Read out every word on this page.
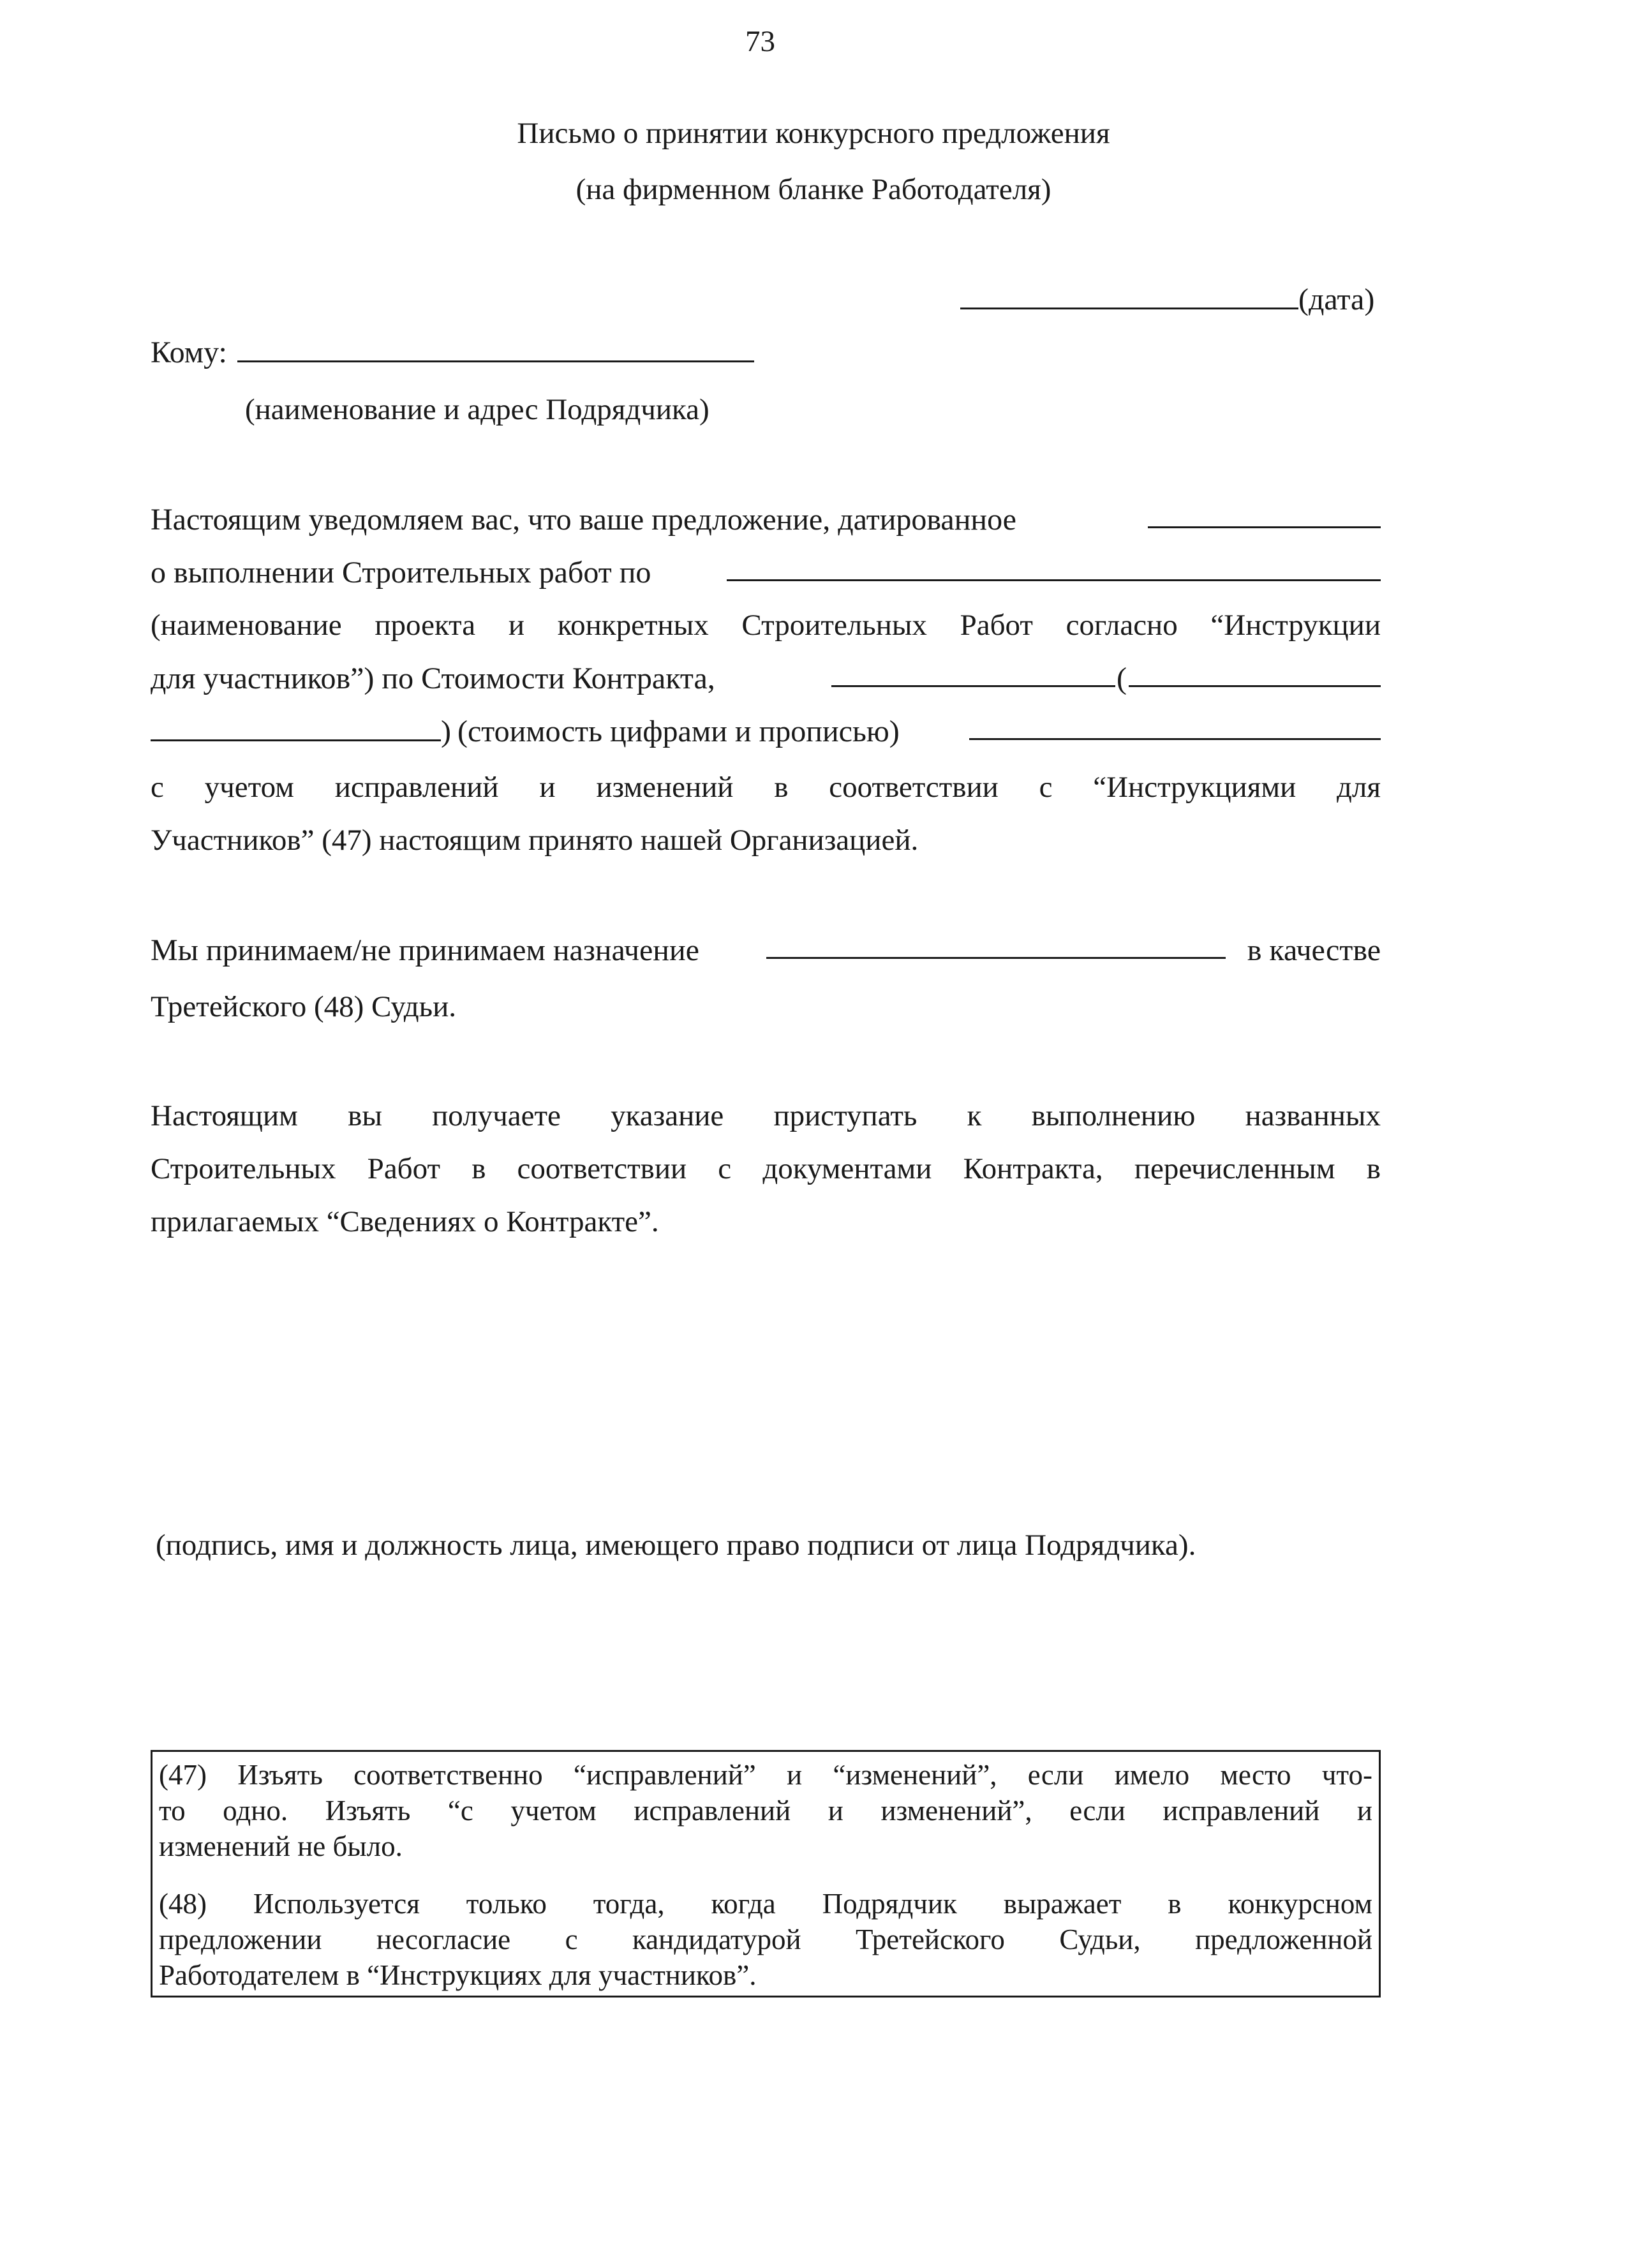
73
Письмо о принятии конкурсного предложения
(на фирменном бланке Работодателя)
(дата)
Кому:
(наименование и адрес Подрядчика)
Настоящим уведомляем вас, что ваше предложение, датированное
о выполнении Строительных работ по
(наименование проекта и конкретных Строительных Работ согласно “Инструкции
для участников”) по Стоимости Контракта,	(
) (стоимость цифрами и прописью)
с учетом исправлений и изменений в соответствии с “Инструкциями для
Участников” (47) настоящим принято нашей Организацией.
Мы принимаем/не принимаем назначение	в качестве
Третейского (48) Судьи.
Настоящим вы получаете указание приступать к выполнению названных
Строительных Работ в соответствии с документами Контракта, перечисленным в
прилагаемых “Сведениях о Контракте”.
(подпись, имя и должность лица, имеющего право подписи от лица Подрядчика).
(47) Изъять соответственно “исправлений” и “изменений”, если имело место что-
то одно. Изъять “с учетом исправлений и изменений”, если исправлений и
изменений не было.
(48) Используется только тогда, когда Подрядчик выражает в конкурсном
предложении несогласие с кандидатурой Третейского Судьи, предложенной
Работодателем в “Инструкциях для участников”.
